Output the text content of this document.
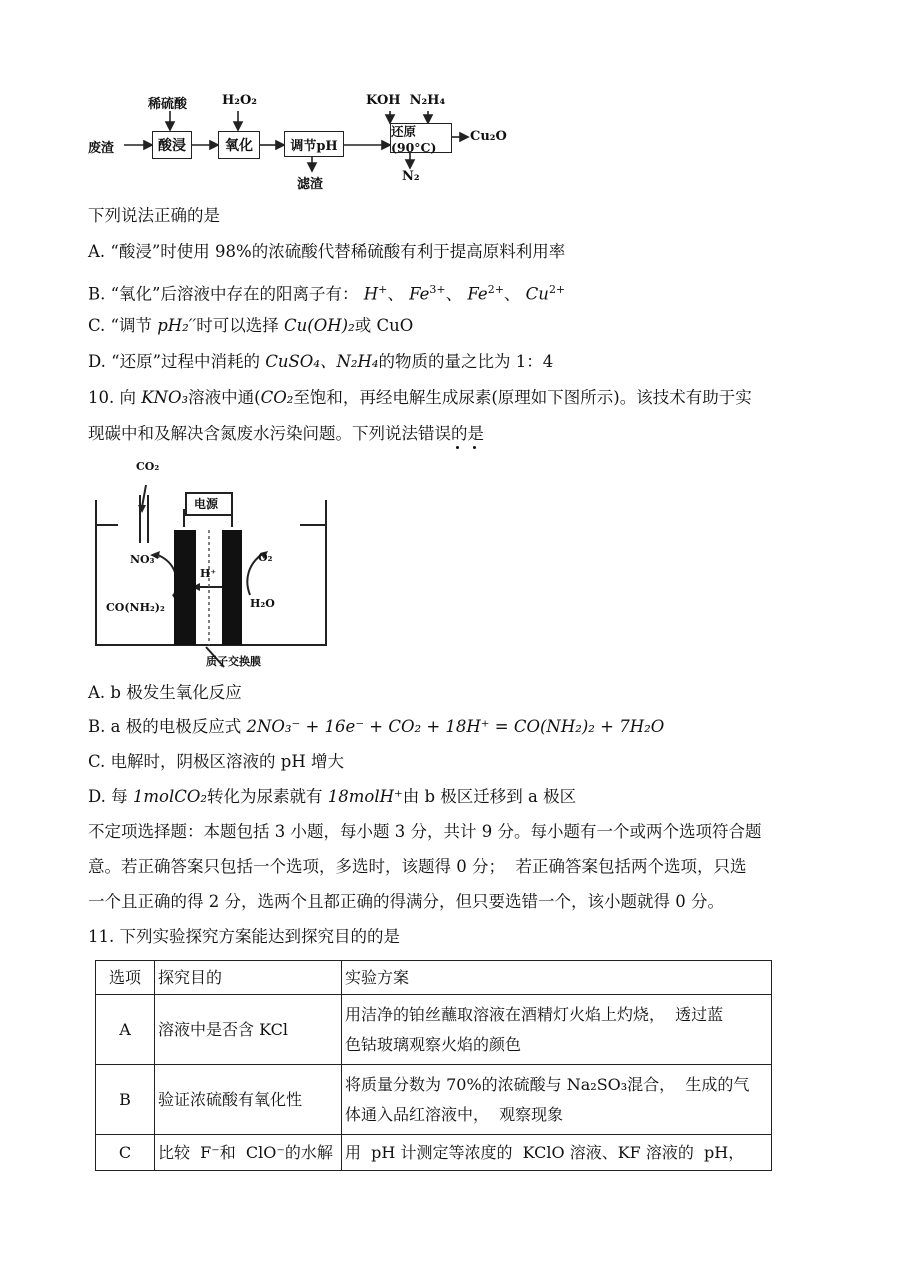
废渣	酸浸	氧化	调节pH
还原(90°C)
稀硫酸	H₂O₂	KOH  N₂H₄
Cu₂O
滤渣
N₂
下列说法正确的是
A. “酸浸”时使用 98%的浓硫酸代替稀硫酸有利于提高原料利用率
B. “氧化”后溶液中存在的阳离子有： H+、 $Fe^{3+}$、 $Fe^{2+}$、 $Cu^{2+}$
C. “调节 pH₂′′时可以选择 Cu(OH)₂或 CuO
D. “还原”过程中消耗的 CuSO₄、N₂H₄的物质的量之比为 1：4
10. 向 KNO₃溶液中通(CO₂至饱和，再经电解生成尿素(原理如下图所示)。该技术有助于实
现碳中和及解决含氮废水污染问题。下列说法错误的是
CO₂
电源
NO₃⁻
CO(NH₂)₂
H⁺
O₂
H₂O
质子交换膜
A. b 极发生氧化反应
B. a 极的电极反应式 2NO₃⁻ + 16e⁻ + CO₂ + 18H⁺ = CO(NH₂)₂ + 7H₂O
C. 电解时，阴极区溶液的 pH 增大
D. 每 1molCO₂转化为尿素就有 18molH⁺由 b 极区迁移到 a 极区
不定项选择题：本题包括 3 小题，每小题 3 分，共计 9 分。每小题有一个或两个选项符合题
意。若正确答案只包括一个选项，多选时，该题得 0 分；  若正确答案包括两个选项，只选
一个且正确的得 2 分，选两个且都正确的得满分，但只要选错一个，该小题就得 0 分。
11. 下列实验探究方案能达到探究目的的是
选项	探究目的	实验方案
A	溶液中是否含 KCl	用洁净的铂丝蘸取溶液在酒精灯火焰上灼烧，  透过蓝
色钴玻璃观察火焰的颜色

B	验证浓硫酸有氧化性	将质量分数为 70%的浓硫酸与 Na₂SO₃混合，  生成的气
体通入品红溶液中，  观察现象

C	比较  F⁻和  ClO⁻的水解	用  pH 计测定等浓度的  KClO 溶液、KF 溶液的  pH，
